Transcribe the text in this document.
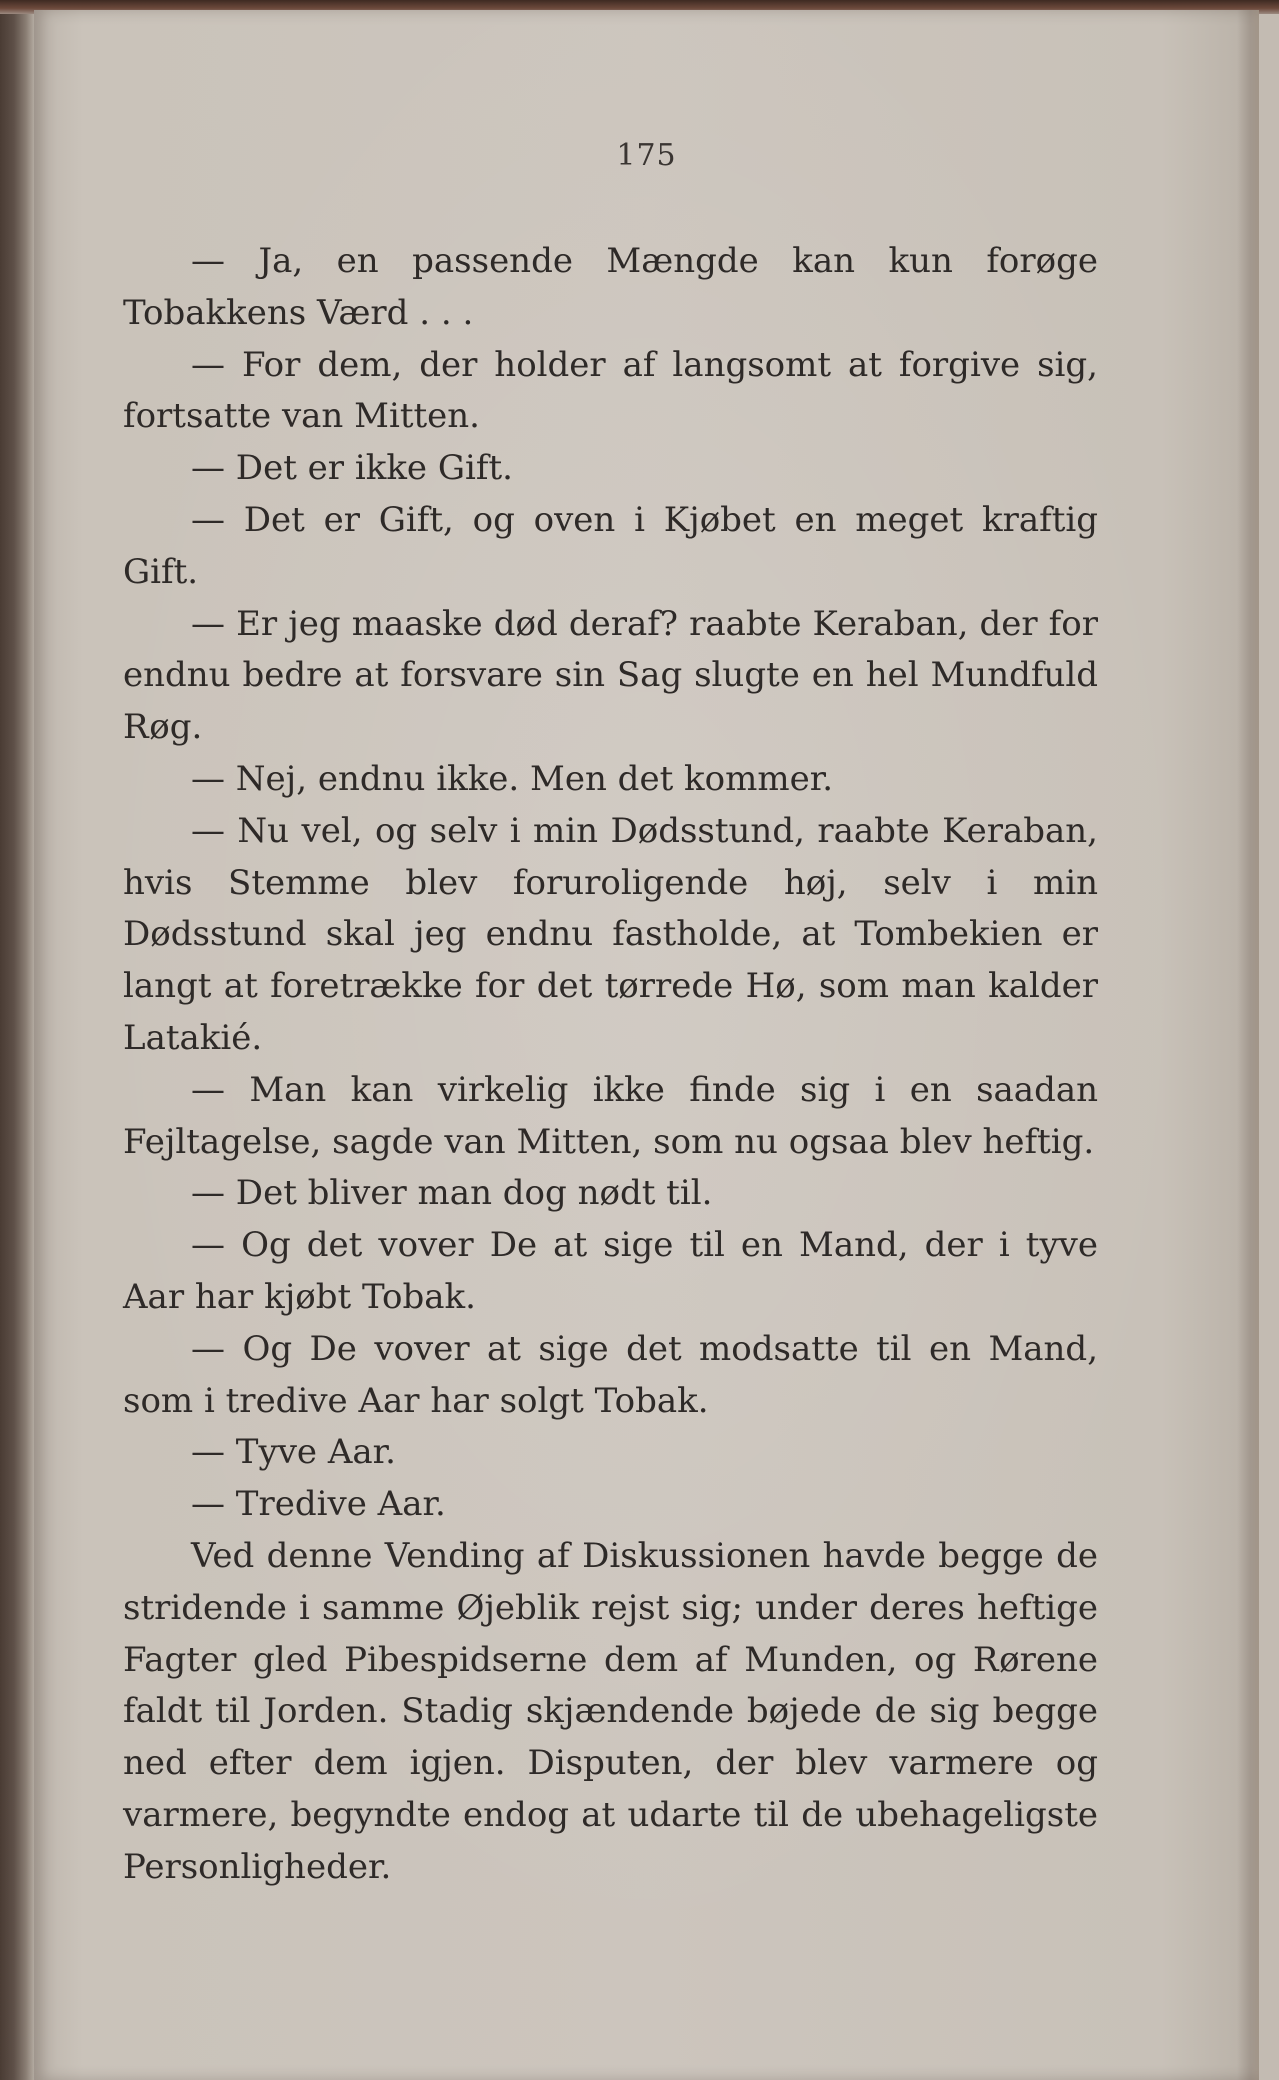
175

— Ja, en passende Mængde kan kun forøge Tobakkens Værd . . .

— For dem, der holder af langsomt at forgive sig, fortsatte van Mitten.

— Det er ikke Gift.

— Det er Gift, og oven i Kjøbet en meget kraftig Gift.

— Er jeg maaske død deraf? raabte Keraban, der for endnu bedre at forsvare sin Sag slugte en hel Mundfuld Røg.

— Nej, endnu ikke. Men det kommer.

— Nu vel, og selv i min Dødsstund, raabte Keraban, hvis Stemme blev foruroligende høj, selv i min Dødsstund skal jeg endnu fastholde, at Tombekien er langt at foretrække for det tørrede Hø, som man kalder Latakié.

— Man kan virkelig ikke finde sig i en saadan Fejltagelse, sagde van Mitten, som nu ogsaa blev heftig.

— Det bliver man dog nødt til.

— Og det vover De at sige til en Mand, der i tyve Aar har kjøbt Tobak.

— Og De vover at sige det modsatte til en Mand, som i tredive Aar har solgt Tobak.

— Tyve Aar.

— Tredive Aar.

Ved denne Vending af Diskussionen havde begge de stridende i samme Øjeblik rejst sig; under deres heftige Fagter gled Pibespidserne dem af Munden, og Rørene faldt til Jorden. Stadig skjændende bøjede de sig begge ned efter dem igjen. Disputen, der blev varmere og varmere, begyndte endog at udarte til de ubehageligste Personligheder.
